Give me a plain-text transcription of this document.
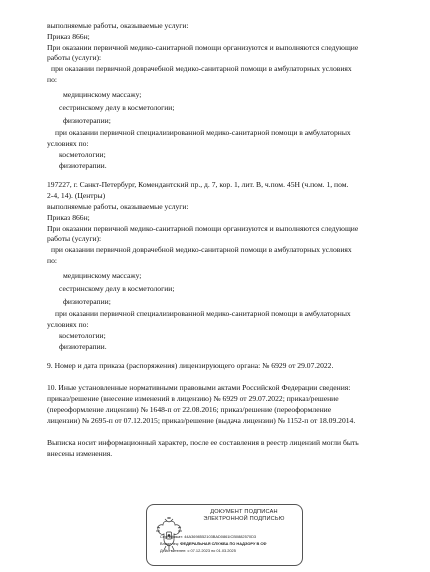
выполняемые работы, оказываемые услуги:
Приказ 866н;
При оказании первичной медико-санитарной помощи организуются и выполняются следующие
работы (услуги):
при оказании первичной доврачебной медико-санитарной помощи в амбулаторных условиях
по:
медицинскому массажу;
сестринскому делу в косметологии;
физиотерапии;
при оказании первичной специализированной медико-санитарной помощи в амбулаторных
условиях по:
косметологии;
физиотерапии.
197227, г. Санкт-Петербург, Комендантский пр., д. 7, кор. 1, лит. В, ч.пом. 45Н (ч.пом. 1, пом.
2-4, 14). (Центры)
выполняемые работы, оказываемые услуги:
Приказ 866н;
При оказании первичной медико-санитарной помощи организуются и выполняются следующие
работы (услуги):
при оказании первичной доврачебной медико-санитарной помощи в амбулаторных условиях
по:
медицинскому массажу;
сестринскому делу в косметологии;
физиотерапии;
при оказании первичной специализированной медико-санитарной помощи в амбулаторных
условиях по:
косметологии;
физиотерапии.
9. Номер и дата приказа (распоряжения) лицензирующего органа: № 6929 от 29.07.2022.
10. Иные установленные нормативными правовыми актами Российской Федерации сведения:
приказ/решение (внесение изменений в лицензию) № 6929 от 29.07.2022; приказ/решение
(переоформление лицензии) № 1648-п от 22.08.2016; приказ/решение (переоформление
лицензии) № 2695-п от 07.12.2015; приказ/решение (выдача лицензии) № 1152-п от 18.09.2014.
Выписка носит информационный характер, после ее составления в реестр лицензий могли быть
внесены изменения.
ДОКУМЕНТ ПОДПИСАН
ЭЛЕКТРОННОЙ ПОДПИСЬЮ
Сертификат: 44A3698552103BAD0861ICB0882570D3
Владелец: ФЕДЕРАЛЬНАЯ СЛУЖБА ПО НАДЗОРУ В СФ
Действителен: с 07.12.2023 по 01.03.2025
